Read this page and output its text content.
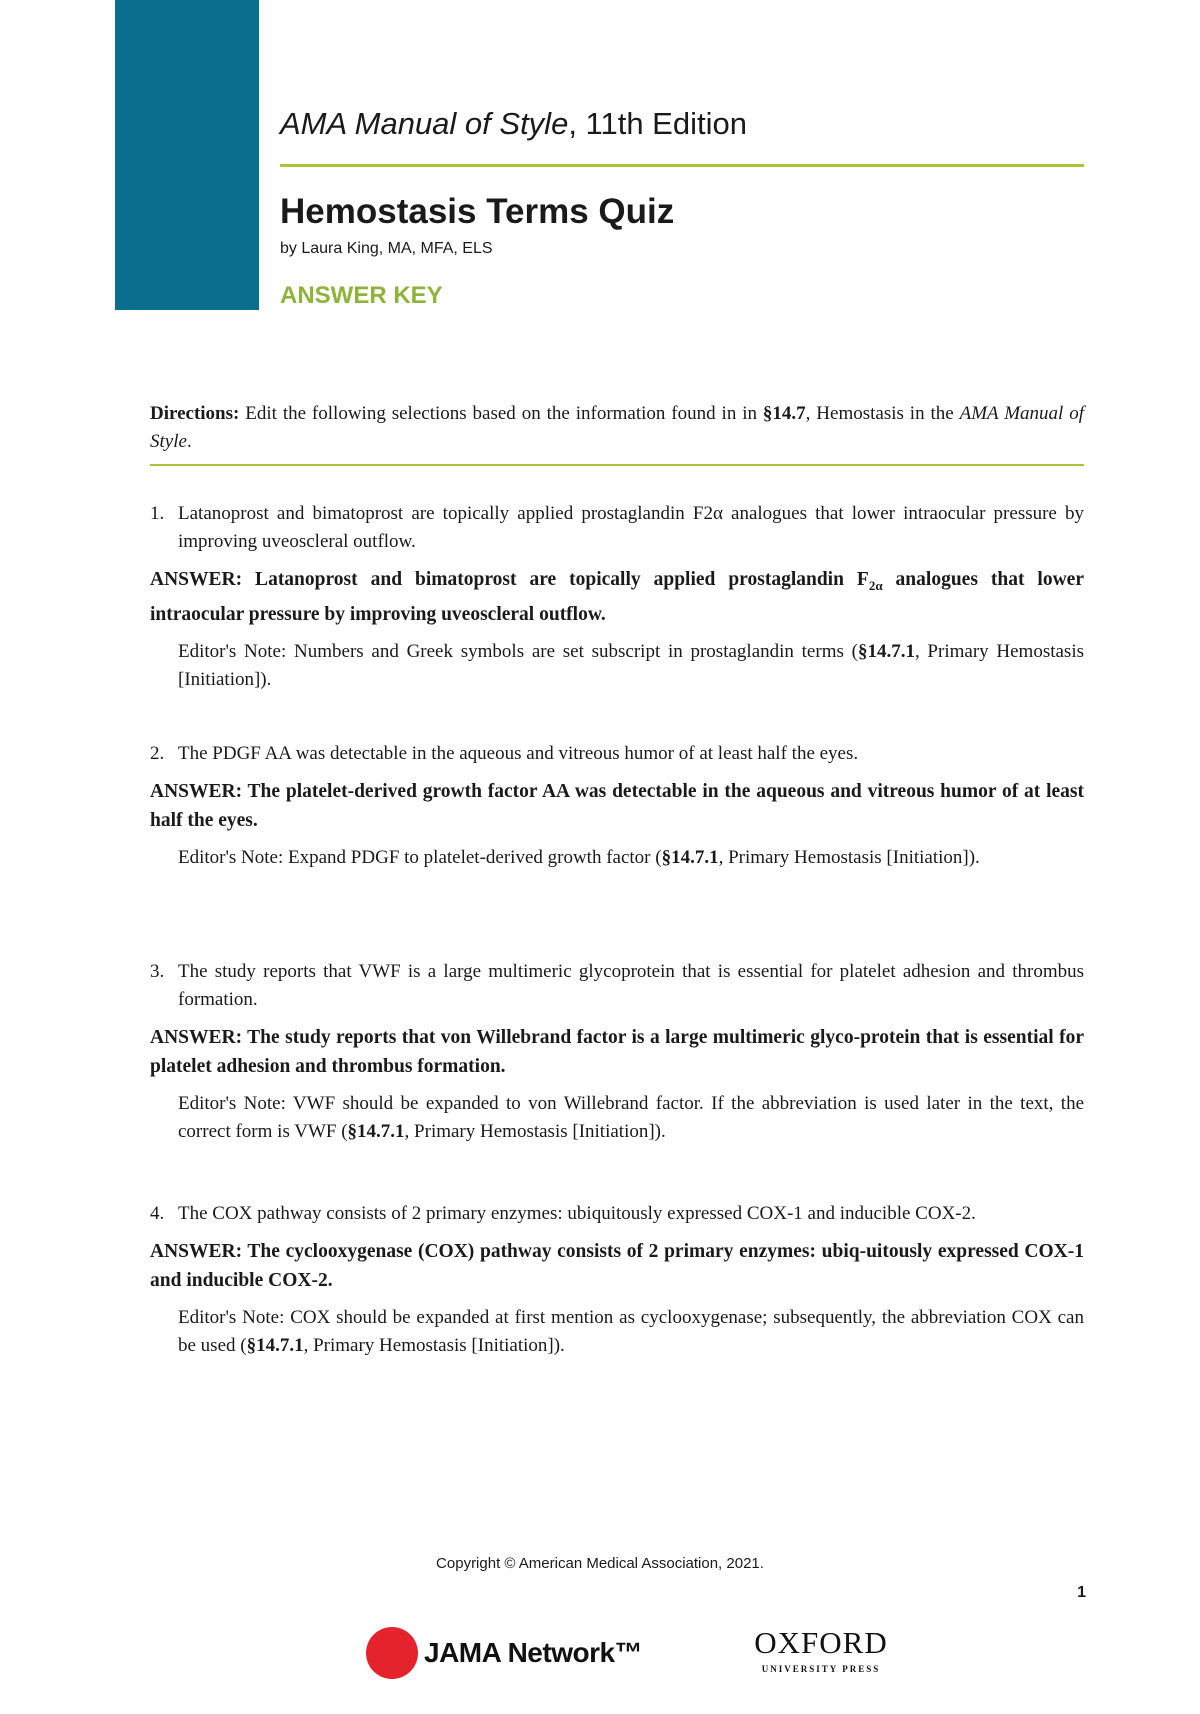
AMA Manual of Style, 11th Edition
Hemostasis Terms Quiz
by Laura King, MA, MFA, ELS
ANSWER KEY
Directions: Edit the following selections based on the information found in in §14.7, Hemostasis in the AMA Manual of Style.
1. Latanoprost and bimatoprost are topically applied prostaglandin F2α analogues that lower intraocular pressure by improving uveoscleral outflow.
ANSWER: Latanoprost and bimatoprost are topically applied prostaglandin $F_{2\alpha}$ analogues that lower intraocular pressure by improving uveoscleral outflow.
Editor's Note: Numbers and Greek symbols are set subscript in prostaglandin terms (§14.7.1, Primary Hemostasis [Initiation]).
2. The PDGF AA was detectable in the aqueous and vitreous humor of at least half the eyes.
ANSWER: The platelet-derived growth factor AA was detectable in the aqueous and vitreous humor of at least half the eyes.
Editor's Note: Expand PDGF to platelet-derived growth factor (§14.7.1, Primary Hemostasis [Initiation]).
3. The study reports that VWF is a large multimeric glycoprotein that is essential for platelet adhesion and thrombus formation.
ANSWER: The study reports that von Willebrand factor is a large multimeric glyco-protein that is essential for platelet adhesion and thrombus formation.
Editor's Note: VWF should be expanded to von Willebrand factor. If the abbreviation is used later in the text, the correct form is VWF (§14.7.1, Primary Hemostasis [Initiation]).
4. The COX pathway consists of 2 primary enzymes: ubiquitously expressed COX-1 and inducible COX-2.
ANSWER: The cyclooxygenase (COX) pathway consists of 2 primary enzymes: ubiq-uitously expressed COX-1 and inducible COX-2.
Editor's Note: COX should be expanded at first mention as cyclooxygenase; subsequently, the abbreviation COX can be used (§14.7.1, Primary Hemostasis [Initiation]).
Copyright © American Medical Association, 2021.
1
JAMA Network™	OXFORD
UNIVERSITY PRESS
